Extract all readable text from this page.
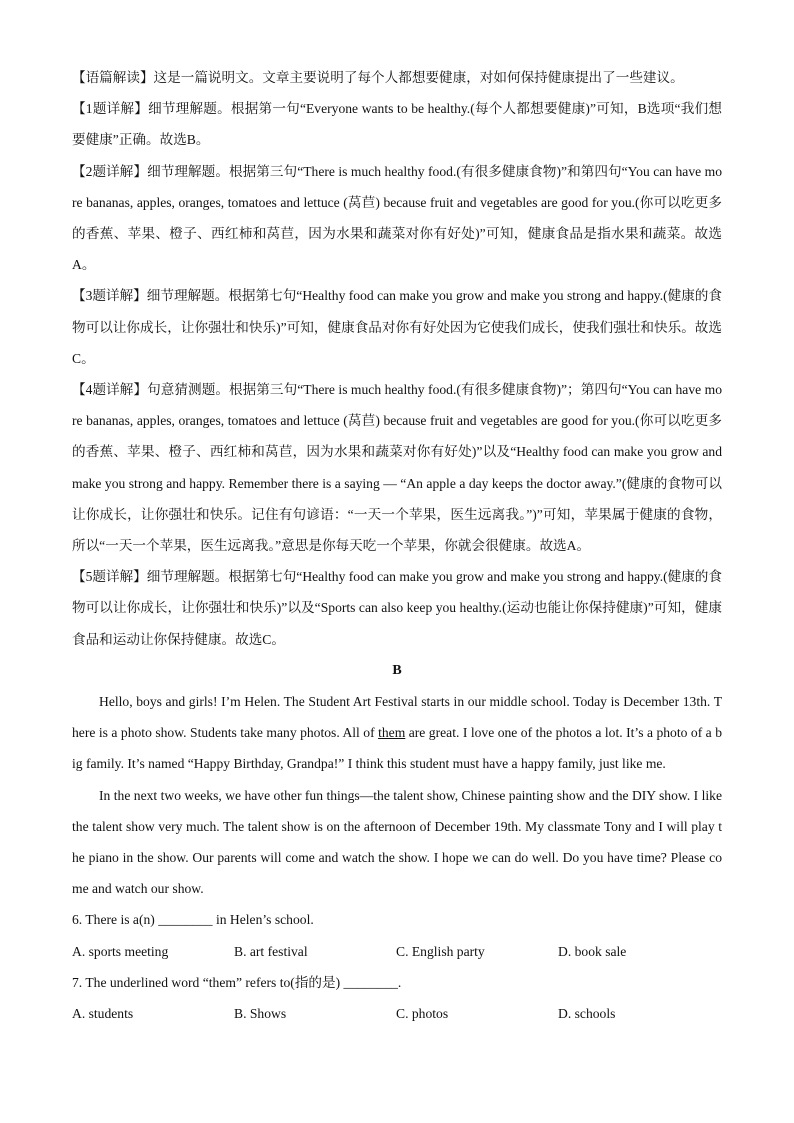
【语篇解读】这是一篇说明文。文章主要说明了每个人都想要健康，对如何保持健康提出了一些建议。

【1题详解】细节理解题。根据第一句“Everyone wants to be healthy.(每个人都想要健康)”可知，B选项“我们想要健康”正确。故选B。

【2题详解】细节理解题。根据第三句“There is much healthy food.(有很多健康食物)”和第四句“You can have more bananas, apples, oranges, tomatoes and lettuce (莴苣) because fruit and vegetables are good for you.(你可以吃更多的香蕉、苹果、橙子、西红柿和莴苣，因为水果和蔬菜对你有好处)”可知，健康食品是指水果和蔬菜。故选A。

【3题详解】细节理解题。根据第七句“Healthy food can make you grow and make you strong and happy.(健康的食物可以让你成长，让你强壮和快乐)”可知，健康食品对你有好处因为它使我们成长，使我们强壮和快乐。故选C。

【4题详解】句意猜测题。根据第三句“There is much healthy food.(有很多健康食物)”；第四句“You can have more bananas, apples, oranges, tomatoes and lettuce (莴苣) because fruit and vegetables are good for you.(你可以吃更多的香蕉、苹果、橙子、西红柿和莴苣，因为水果和蔬菜对你有好处)”以及“Healthy food can make you grow and make you strong and happy. Remember there is a saying — “An apple a day keeps the doctor away.”(健康的食物可以让你成长，让你强壮和快乐。记住有句谚语：“一天一个苹果，医生远离我。”)”可知，苹果属于健康的食物，所以“一天一个苹果，医生远离我。”意思是你每天吃一个苹果，你就会很健康。故选A。

【5题详解】细节理解题。根据第七句“Healthy food can make you grow and make you strong and happy.(健康的食物可以让你成长，让你强壮和快乐)”以及“Sports can also keep you healthy.(运动也能让你保持健康)”可知，健康食品和运动让你保持健康。故选C。

B

Hello, boys and girls! I’m Helen. The Student Art Festival starts in our middle school. Today is December 13th. There is a photo show. Students take many photos. All of them are great. I love one of the photos a lot. It’s a photo of a big family. It’s named “Happy Birthday, Grandpa!” I think this student must have a happy family, just like me.

In the next two weeks, we have other fun things—the talent show, Chinese painting show and the DIY show. I like the talent show very much. The talent show is on the afternoon of December 19th. My classmate Tony and I will play the piano in the show. Our parents will come and watch the show. I hope we can do well. Do you have time? Please come and watch our show.

6. There is a(n) ________ in Helen’s school.

A. sports meeting	B. art festival	C. English party	D. book sale

7. The underlined word “them” refers to(指的是) ________.

A. students	B. Shows	C. photos	D. schools
